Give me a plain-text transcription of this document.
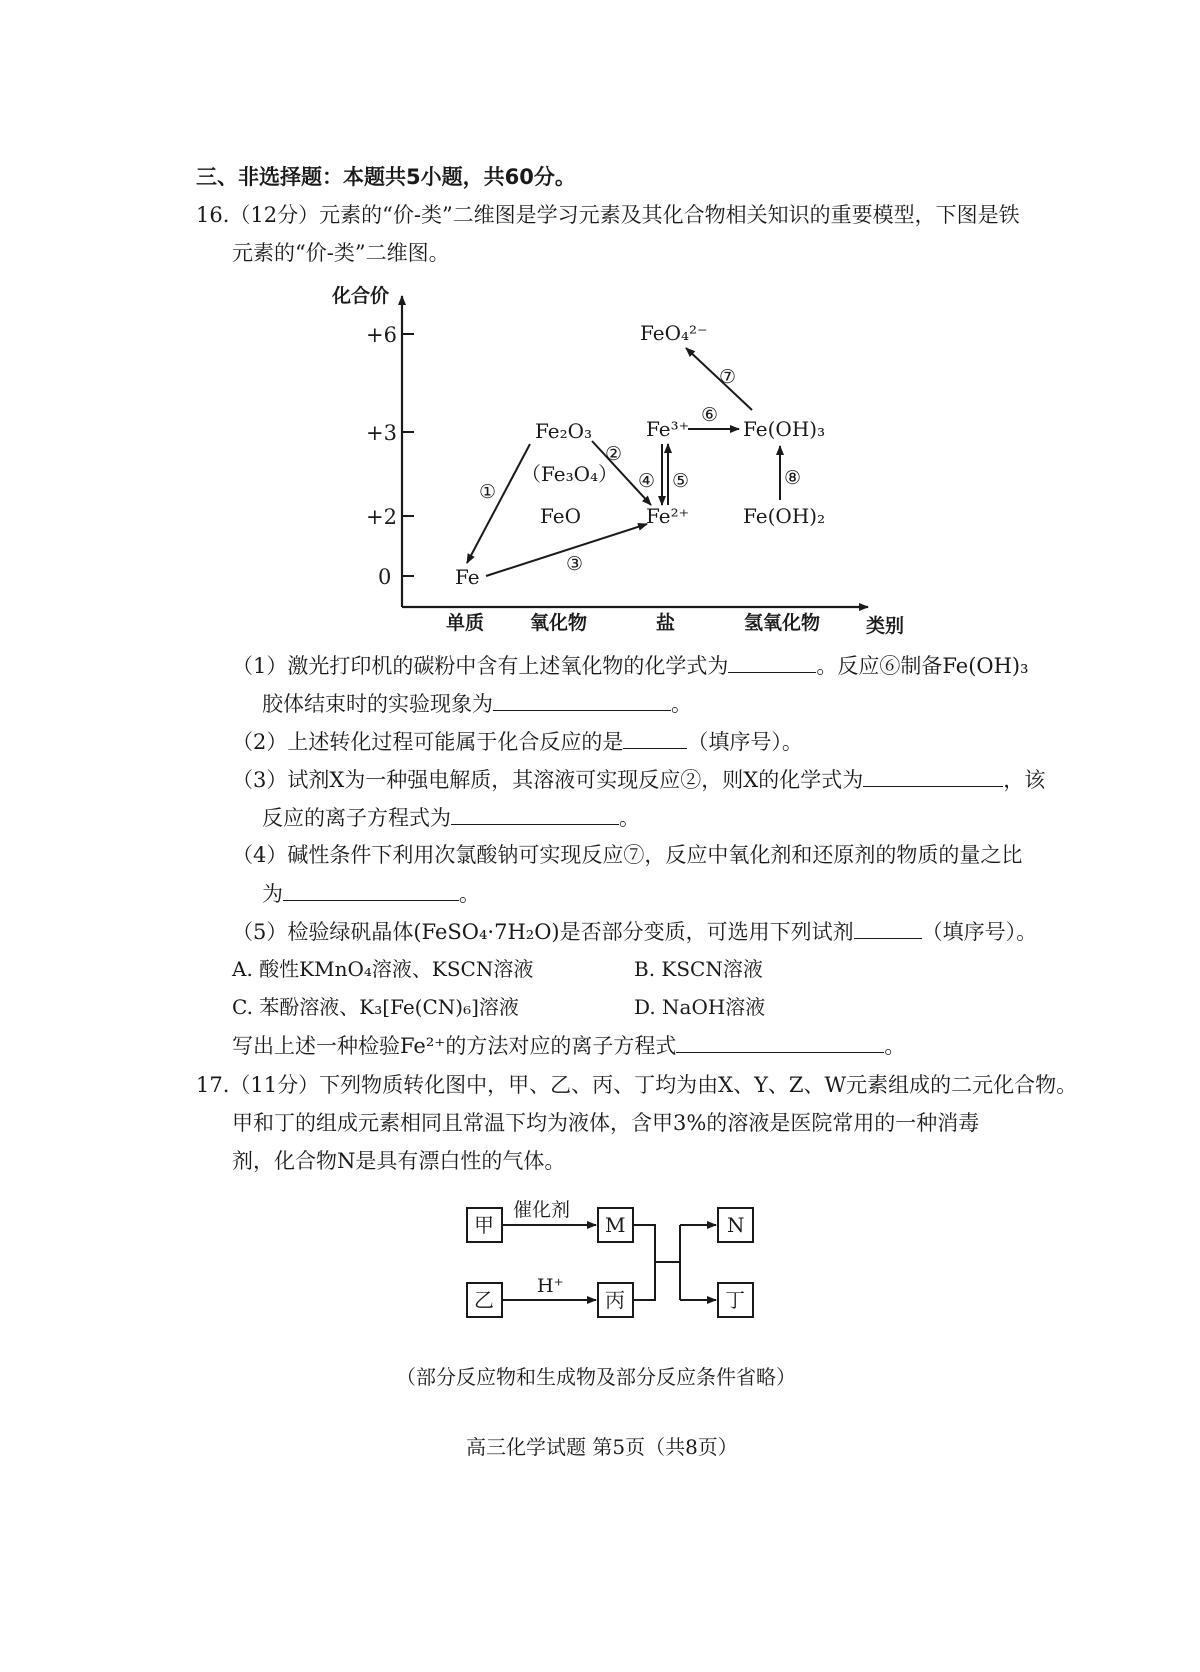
三、非选择题：本题共5小题，共60分。
16.（12分）元素的“价-类”二维图是学习元素及其化合物相关知识的重要模型，下图是铁
元素的“价-类”二维图。
化合价
类别
+6
+3
+2
0
单质 氧化物	盐	氢氧化物
Fe
Fe₂O₃
（Fe₃O₄）
FeO
Fe³⁺
Fe²⁺
Fe(OH)₃
Fe(OH)₂
FeO₄²⁻
①
②
③
④ ⑤
⑥
⑦
⑧
（1）激光打印机的碳粉中含有上述氧化物的化学式为	。反应⑥制备Fe(OH)₃
胶体结束时的实验现象为	。
（2）上述转化过程可能属于化合反应的是	（填序号）。
（3）试剂X为一种强电解质，其溶液可实现反应②，则X的化学式为	，该
反应的离子方程式为	。
（4）碱性条件下利用次氯酸钠可实现反应⑦，反应中氧化剂和还原剂的物质的量之比
为	。
（5）检验绿矾晶体(FeSO₄·7H₂O)是否部分变质，可选用下列试剂	（填序号）。
A. 酸性KMnO₄溶液、KSCN溶液	B. KSCN溶液
C. 苯酚溶液、K₃[Fe(CN)₆]溶液	D. NaOH溶液
写出上述一种检验Fe²⁺的方法对应的离子方程式	。
17.（11分）下列物质转化图中，甲、乙、丙、丁均为由X、Y、Z、W元素组成的二元化合物。
甲和丁的组成元素相同且常温下均为液体，含甲3%的溶液是医院常用的一种消毒
剂，化合物N是具有漂白性的气体。
甲	M	N
乙	丙	丁
催化剂
H⁺
（部分反应物和生成物及部分反应条件省略）
高三化学试题 第5页（共8页）
